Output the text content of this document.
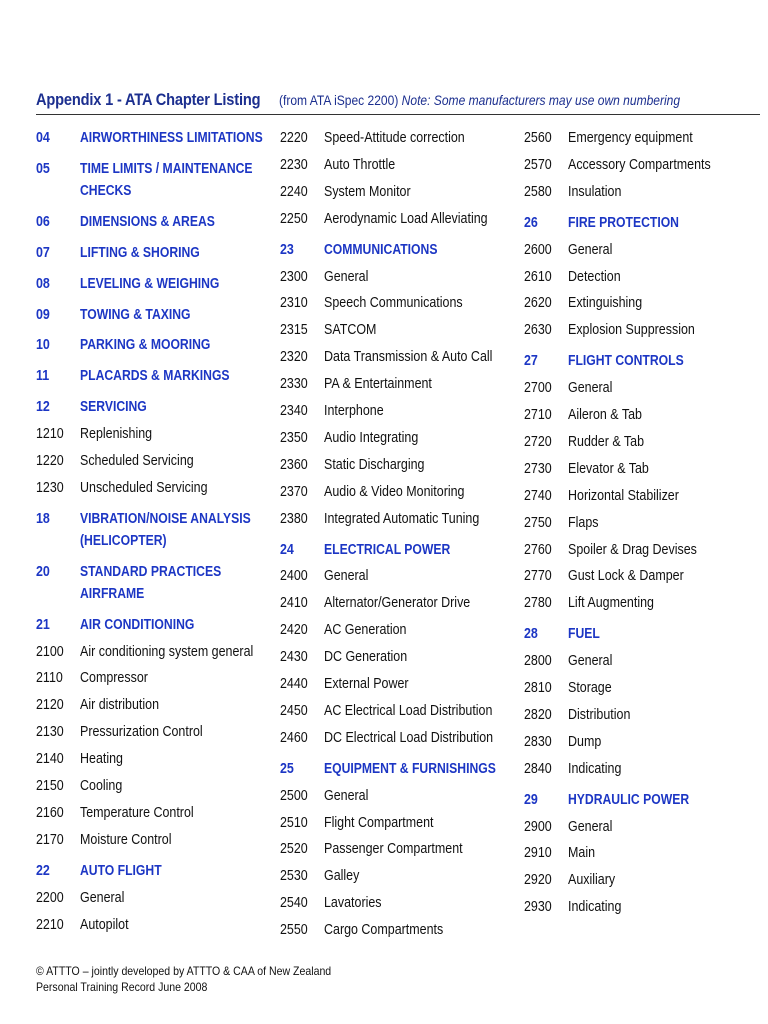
Appendix 1 - ATA Chapter Listing (from ATA iSpec 2200) Note: Some manufacturers may use own numbering
04 AIRWORTHINESS LIMITATIONS
05 TIME LIMITS / MAINTENANCE
CHECKS
06 DIMENSIONS & AREAS
07 LIFTING & SHORING
08 LEVELING & WEIGHING
09 TOWING & TAXING
10 PARKING & MOORING
11 PLACARDS & MARKINGS
12 SERVICING
1210 Replenishing
1220 Scheduled Servicing
1230 Unscheduled Servicing
18 VIBRATION/NOISE ANALYSIS
(HELICOPTER)
20 STANDARD PRACTICES
AIRFRAME
21 AIR CONDITIONING
2100 Air conditioning system general
2110 Compressor
2120 Air distribution
2130 Pressurization Control
2140 Heating
2150 Cooling
2160 Temperature Control
2170 Moisture Control
22 AUTO FLIGHT
2200 General
2210 Autopilot
2220 Speed-Attitude correction
2230 Auto Throttle
2240 System Monitor
2250 Aerodynamic Load Alleviating
23 COMMUNICATIONS
2300 General
2310 Speech Communications
2315 SATCOM
2320 Data Transmission & Auto Call
2330 PA & Entertainment
2340 Interphone
2350 Audio Integrating
2360 Static Discharging
2370 Audio & Video Monitoring
2380 Integrated Automatic Tuning
24 ELECTRICAL POWER
2400 General
2410 Alternator/Generator Drive
2420 AC Generation
2430 DC Generation
2440 External Power
2450 AC Electrical Load Distribution
2460 DC Electrical Load Distribution
25 EQUIPMENT & FURNISHINGS
2500 General
2510 Flight Compartment
2520 Passenger Compartment
2530 Galley
2540 Lavatories
2550 Cargo Compartments
2560 Emergency equipment
2570 Accessory Compartments
2580 Insulation
26 FIRE PROTECTION
2600 General
2610 Detection
2620 Extinguishing
2630 Explosion Suppression
27 FLIGHT CONTROLS
2700 General
2710 Aileron & Tab
2720 Rudder & Tab
2730 Elevator & Tab
2740 Horizontal Stabilizer
2750 Flaps
2760 Spoiler & Drag Devises
2770 Gust Lock & Damper
2780 Lift Augmenting
28 FUEL
2800 General
2810 Storage
2820 Distribution
2830 Dump
2840 Indicating
29 HYDRAULIC POWER
2900 General
2910 Main
2920 Auxiliary
2930 Indicating
© ATTTO – jointly developed by ATTTO & CAA of New Zealand
Personal Training Record June 2008
